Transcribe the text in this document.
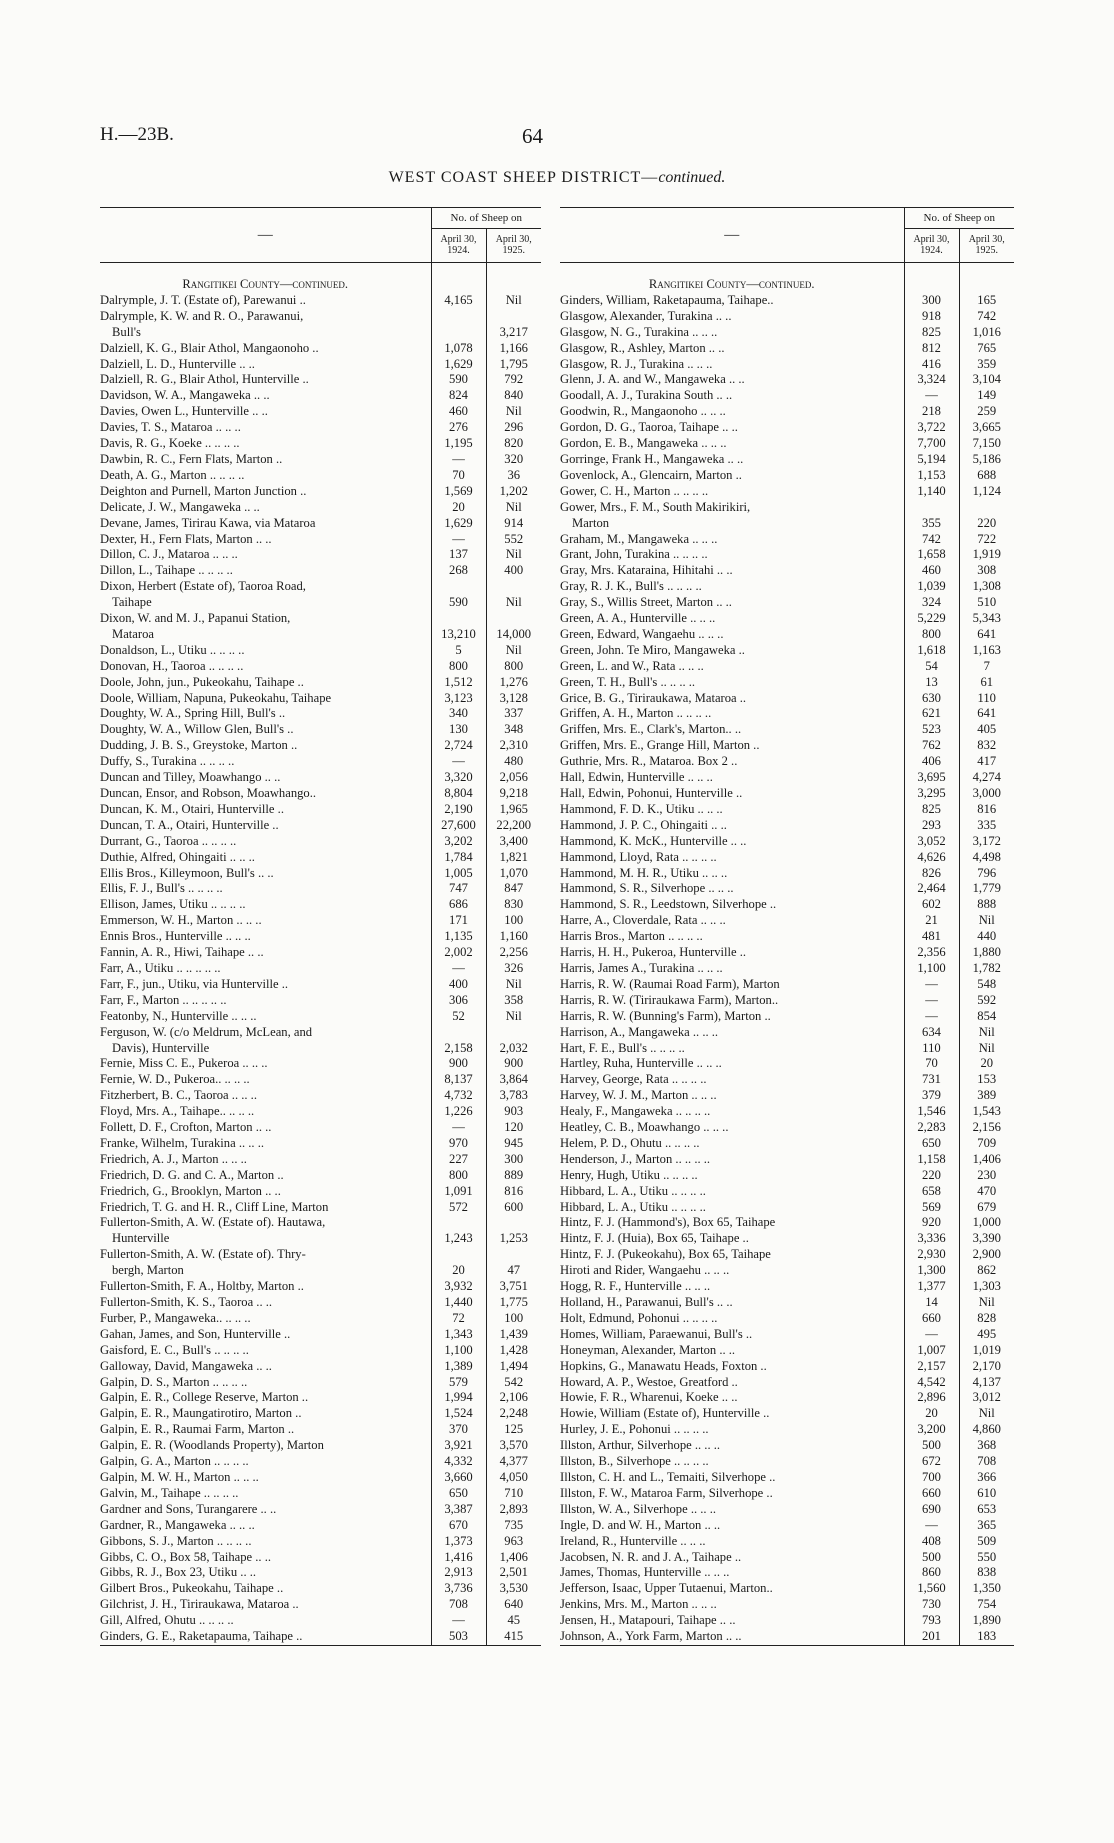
H.—23B.	64
WEST COAST SHEEP DISTRICT—continued.
—	No. of Sheep on	
	April 30, 1924.	April 30, 1925.
Rangitikei County—continued.		

Dalrymple, J. T. (Estate of), Parewanui ..	4,165	Nil

Dalrymple, K. W. and R. O., Parawanui,
Bull's		3,217

Dalziell, K. G., Blair Athol, Mangaonoho ..	1,078	1,166

Dalziell, L. D., Hunterville .. ..	1,629	1,795

Dalziell, R. G., Blair Athol, Hunterville ..	590	792

Davidson, W. A., Mangaweka .. ..	824	840

Davies, Owen L., Hunterville .. ..	460	Nil

Davies, T. S., Mataroa .. .. ..	276	296

Davis, R. G., Koeke .. .. .. ..	1,195	820

Dawbin, R. C., Fern Flats, Marton ..	—	320

Death, A. G., Marton .. .. .. ..	70	36

Deighton and Purnell, Marton Junction ..	1,569	1,202

Delicate, J. W., Mangaweka .. ..	20	Nil

Devane, James, Tirirau Kawa, via Mataroa	1,629	914

Dexter, H., Fern Flats, Marton .. ..	—	552

Dillon, C. J., Mataroa .. .. ..	137	Nil

Dillon, L., Taihape .. .. .. ..	268	400

Dixon, Herbert (Estate of), Taoroa Road,
Taihape	590	Nil

Dixon, W. and M. J., Papanui Station,
Mataroa	13,210	14,000

Donaldson, L., Utiku .. .. .. ..	5	Nil

Donovan, H., Taoroa .. .. .. ..	800	800

Doole, John, jun., Pukeokahu, Taihape ..	1,512	1,276

Doole, William, Napuna, Pukeokahu, Taihape	3,123	3,128

Doughty, W. A., Spring Hill, Bull's ..	340	337

Doughty, W. A., Willow Glen, Bull's ..	130	348

Dudding, J. B. S., Greystoke, Marton ..	2,724	2,310

Duffy, S., Turakina .. .. .. ..	—	480

Duncan and Tilley, Moawhango .. ..	3,320	2,056

Duncan, Ensor, and Robson, Moawhango..	8,804	9,218

Duncan, K. M., Otairi, Hunterville ..	2,190	1,965

Duncan, T. A., Otairi, Hunterville ..	27,600	22,200

Durrant, G., Taoroa .. .. .. ..	3,202	3,400

Duthie, Alfred, Ohingaiti .. .. ..	1,784	1,821

Ellis Bros., Killeymoon, Bull's .. ..	1,005	1,070

Ellis, F. J., Bull's .. .. .. ..	747	847

Ellison, James, Utiku .. .. .. ..	686	830

Emmerson, W. H., Marton .. .. ..	171	100

Ennis Bros., Hunterville .. .. ..	1,135	1,160

Fannin, A. R., Hiwi, Taihape .. ..	2,002	2,256

Farr, A., Utiku .. .. .. .. ..	—	326

Farr, F., jun., Utiku, via Hunterville ..	400	Nil

Farr, F., Marton .. .. .. .. ..	306	358

Featonby, N., Hunterville .. .. ..	52	Nil

Ferguson, W. (c/o Meldrum, McLean, and
Davis), Hunterville	2,158	2,032

Fernie, Miss C. E., Pukeroa .. .. ..	900	900

Fernie, W. D., Pukeroa.. .. .. ..	8,137	3,864

Fitzherbert, B. C., Taoroa .. .. ..	4,732	3,783

Floyd, Mrs. A., Taihape.. .. .. ..	1,226	903

Follett, D. F., Crofton, Marton .. ..	—	120

Franke, Wilhelm, Turakina .. .. ..	970	945

Friedrich, A. J., Marton .. .. ..	227	300

Friedrich, D. G. and C. A., Marton ..	800	889

Friedrich, G., Brooklyn, Marton .. ..	1,091	816

Friedrich, T. G. and H. R., Cliff Line, Marton	572	600

Fullerton-Smith, A. W. (Estate of). Hautawa,
Hunterville	1,243	1,253

Fullerton-Smith, A. W. (Estate of). Thry-
bergh, Marton	20	47

Fullerton-Smith, F. A., Holtby, Marton ..	3,932	3,751

Fullerton-Smith, K. S., Taoroa .. ..	1,440	1,775

Furber, P., Mangaweka.. .. .. ..	72	100

Gahan, James, and Son, Hunterville ..	1,343	1,439

Gaisford, E. C., Bull's .. .. .. ..	1,100	1,428

Galloway, David, Mangaweka .. ..	1,389	1,494

Galpin, D. S., Marton .. .. .. ..	579	542

Galpin, E. R., College Reserve, Marton ..	1,994	2,106

Galpin, E. R., Maungatirotiro, Marton ..	1,524	2,248

Galpin, E. R., Raumai Farm, Marton ..	370	125

Galpin, E. R. (Woodlands Property), Marton	3,921	3,570

Galpin, G. A., Marton .. .. .. ..	4,332	4,377

Galpin, M. W. H., Marton .. .. ..	3,660	4,050

Galvin, M., Taihape .. .. .. ..	650	710

Gardner and Sons, Turangarere .. ..	3,387	2,893

Gardner, R., Mangaweka .. .. ..	670	735

Gibbons, S. J., Marton .. .. .. ..	1,373	963

Gibbs, C. O., Box 58, Taihape .. ..	1,416	1,406

Gibbs, R. J., Box 23, Utiku .. ..	2,913	2,501

Gilbert Bros., Pukeokahu, Taihape ..	3,736	3,530

Gilchrist, J. H., Tiriraukawa, Mataroa ..	708	640

Gill, Alfred, Ohutu .. .. .. ..	—	45

Ginders, G. E., Raketapauma, Taihape ..	503	415
—	No. of Sheep on	
	April 30, 1924.	April 30, 1925.
Rangitikei County—continued.		

Ginders, William, Raketapauma, Taihape..	300	165

Glasgow, Alexander, Turakina .. ..	918	742

Glasgow, N. G., Turakina .. .. ..	825	1,016

Glasgow, R., Ashley, Marton .. ..	812	765

Glasgow, R. J., Turakina .. .. ..	416	359

Glenn, J. A. and W., Mangaweka .. ..	3,324	3,104

Goodall, A. J., Turakina South .. ..	—	149

Goodwin, R., Mangaonoho .. .. ..	218	259

Gordon, D. G., Taoroa, Taihape .. ..	3,722	3,665

Gordon, E. B., Mangaweka .. .. ..	7,700	7,150

Gorringe, Frank H., Mangaweka .. ..	5,194	5,186

Govenlock, A., Glencairn, Marton ..	1,153	688

Gower, C. H., Marton .. .. .. ..	1,140	1,124

Gower, Mrs., F. M., South Makirikiri,
Marton	355	220

Graham, M., Mangaweka .. .. ..	742	722

Grant, John, Turakina .. .. .. ..	1,658	1,919

Gray, Mrs. Kataraina, Hihitahi .. ..	460	308

Gray, R. J. K., Bull's .. .. .. ..	1,039	1,308

Gray, S., Willis Street, Marton .. ..	324	510

Green, A. A., Hunterville .. .. ..	5,229	5,343

Green, Edward, Wangaehu .. .. ..	800	641

Green, John. Te Miro, Mangaweka ..	1,618	1,163

Green, L. and W., Rata .. .. ..	54	7

Green, T. H., Bull's .. .. .. ..	13	61

Grice, B. G., Tiriraukawa, Mataroa ..	630	110

Griffen, A. H., Marton .. .. .. ..	621	641

Griffen, Mrs. E., Clark's, Marton.. ..	523	405

Griffen, Mrs. E., Grange Hill, Marton ..	762	832

Guthrie, Mrs. R., Mataroa. Box 2 ..	406	417

Hall, Edwin, Hunterville .. .. ..	3,695	4,274

Hall, Edwin, Pohonui, Hunterville ..	3,295	3,000

Hammond, F. D. K., Utiku .. .. ..	825	816

Hammond, J. P. C., Ohingaiti .. ..	293	335

Hammond, K. McK., Hunterville .. ..	3,052	3,172

Hammond, Lloyd, Rata .. .. .. ..	4,626	4,498

Hammond, M. H. R., Utiku .. .. ..	826	796

Hammond, S. R., Silverhope .. .. ..	2,464	1,779

Hammond, S. R., Leedstown, Silverhope ..	602	888

Harre, A., Cloverdale, Rata .. .. ..	21	Nil

Harris Bros., Marton .. .. .. ..	481	440

Harris, H. H., Pukeroa, Hunterville ..	2,356	1,880

Harris, James A., Turakina .. .. ..	1,100	1,782

Harris, R. W. (Raumai Road Farm), Marton	—	548

Harris, R. W. (Tiriraukawa Farm), Marton..	—	592

Harris, R. W. (Bunning's Farm), Marton ..	—	854

Harrison, A., Mangaweka .. .. ..	634	Nil

Hart, F. E., Bull's .. .. .. ..	110	Nil

Hartley, Ruha, Hunterville .. .. ..	70	20

Harvey, George, Rata .. .. .. ..	731	153

Harvey, W. J. M., Marton .. .. ..	379	389

Healy, F., Mangaweka .. .. .. ..	1,546	1,543

Heatley, C. B., Moawhango .. .. ..	2,283	2,156

Helem, P. D., Ohutu .. .. .. ..	650	709

Henderson, J., Marton .. .. .. ..	1,158	1,406

Henry, Hugh, Utiku .. .. .. ..	220	230

Hibbard, L. A., Utiku .. .. .. ..	658	470

Hibbard, L. A., Utiku .. .. .. ..	569	679

Hintz, F. J. (Hammond's), Box 65, Taihape	920	1,000

Hintz, F. J. (Huia), Box 65, Taihape ..	3,336	3,390

Hintz, F. J. (Pukeokahu), Box 65, Taihape	2,930	2,900

Hiroti and Rider, Wangaehu .. .. ..	1,300	862

Hogg, R. F., Hunterville .. .. ..	1,377	1,303

Holland, H., Parawanui, Bull's .. ..	14	Nil

Holt, Edmund, Pohonui .. .. .. ..	660	828

Homes, William, Paraewanui, Bull's ..	—	495

Honeyman, Alexander, Marton .. ..	1,007	1,019

Hopkins, G., Manawatu Heads, Foxton ..	2,157	2,170

Howard, A. P., Westoe, Greatford ..	4,542	4,137

Howie, F. R., Wharenui, Koeke .. ..	2,896	3,012

Howie, William (Estate of), Hunterville ..	20	Nil

Hurley, J. E., Pohonui .. .. .. ..	3,200	4,860

Illston, Arthur, Silverhope .. .. ..	500	368

Illston, B., Silverhope .. .. .. ..	672	708

Illston, C. H. and L., Temaiti, Silverhope ..	700	366

Illston, F. W., Mataroa Farm, Silverhope ..	660	610

Illston, W. A., Silverhope .. .. ..	690	653

Ingle, D. and W. H., Marton .. ..	—	365

Ireland, R., Hunterville .. .. ..	408	509

Jacobsen, N. R. and J. A., Taihape ..	500	550

James, Thomas, Hunterville .. .. ..	860	838

Jefferson, Isaac, Upper Tutaenui, Marton..	1,560	1,350

Jenkins, Mrs. M., Marton .. .. ..	730	754

Jensen, H., Matapouri, Taihape .. ..	793	1,890

Johnson, A., York Farm, Marton .. ..	201	183
